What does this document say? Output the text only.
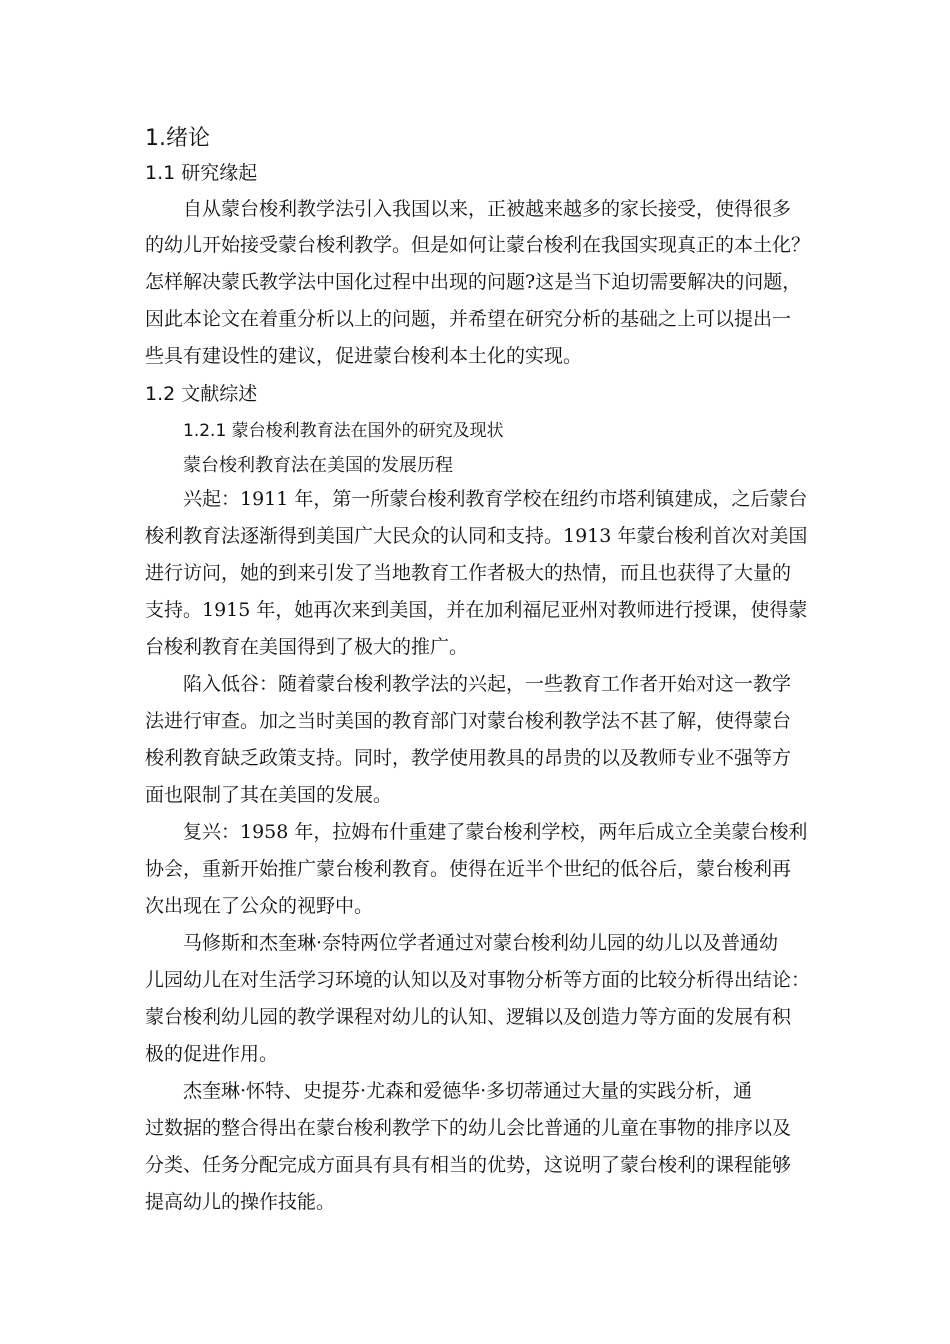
1.绪论
1.1 研究缘起
自从蒙台梭利教学法引入我国以来，正被越来越多的家长接受，使得很多
的幼儿开始接受蒙台梭利教学。但是如何让蒙台梭利在我国实现真正的本土化？
怎样解决蒙氏教学法中国化过程中出现的问题?这是当下迫切需要解决的问题，
因此本论文在着重分析以上的问题，并希望在研究分析的基础之上可以提出一
些具有建设性的建议，促进蒙台梭利本土化的实现。
1.2 文献综述
1.2.1 蒙台梭利教育法在国外的研究及现状
蒙台梭利教育法在美国的发展历程
兴起：1911 年，第一所蒙台梭利教育学校在纽约市塔利镇建成，之后蒙台
梭利教育法逐渐得到美国广大民众的认同和支持。1913 年蒙台梭利首次对美国
进行访问，她的到来引发了当地教育工作者极大的热情，而且也获得了大量的
支持。1915 年，她再次来到美国，并在加利福尼亚州对教师进行授课，使得蒙
台梭利教育在美国得到了极大的推广。
陷入低谷：随着蒙台梭利教学法的兴起，一些教育工作者开始对这一教学
法进行审查。加之当时美国的教育部门对蒙台梭利教学法不甚了解，使得蒙台
梭利教育缺乏政策支持。同时，教学使用教具的昂贵的以及教师专业不强等方
面也限制了其在美国的发展。
复兴：1958 年，拉姆布什重建了蒙台梭利学校，两年后成立全美蒙台梭利
协会，重新开始推广蒙台梭利教育。使得在近半个世纪的低谷后，蒙台梭利再
次出现在了公众的视野中。
马修斯和杰奎琳·奈特两位学者通过对蒙台梭利幼儿园的幼儿以及普通幼
儿园幼儿在对生活学习环境的认知以及对事物分析等方面的比较分析得出结论：
蒙台梭利幼儿园的教学课程对幼儿的认知、逻辑以及创造力等方面的发展有积
极的促进作用。
杰奎琳·怀特、史提芬·尤森和爱德华·多切蒂通过大量的实践分析，通
过数据的整合得出在蒙台梭利教学下的幼儿会比普通的儿童在事物的排序以及
分类、任务分配完成方面具有具有相当的优势，这说明了蒙台梭利的课程能够
提高幼儿的操作技能。
